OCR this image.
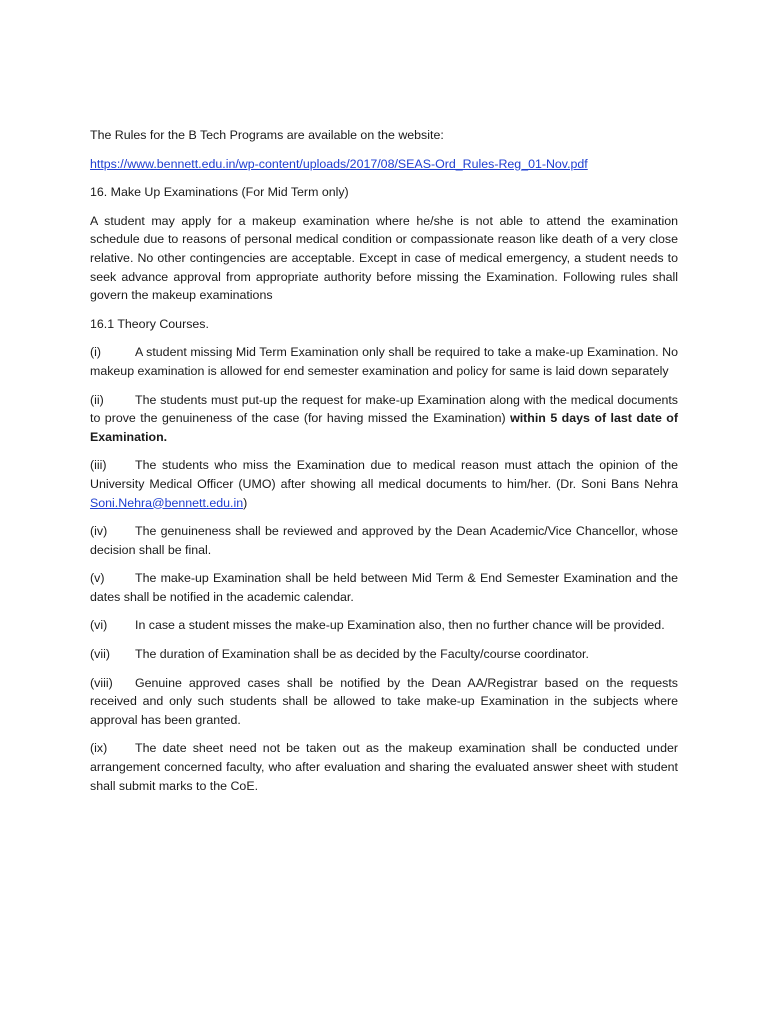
The Rules for the B Tech Programs are available on the website:

https://www.bennett.edu.in/wp-content/uploads/2017/08/SEAS-Ord_Rules-Reg_01-Nov.pdf

16. Make Up Examinations (For Mid Term only)

A student may apply for a makeup examination where he/she is not able to attend the examination schedule due to reasons of personal medical condition or compassionate reason like death of a very close relative. No other contingencies are acceptable. Except in case of medical emergency, a student needs to seek advance approval from appropriate authority before missing the Examination. Following rules shall govern the makeup examinations

16.1 Theory Courses.

(i)	A student missing Mid Term Examination only shall be required to take a make-up Examination. No makeup examination is allowed for end semester examination and policy for same is laid down separately
(ii)	The students must put-up the request for make-up Examination along with the medical documents to prove the genuineness of the case (for having missed the Examination) within 5 days of last date of Examination.
(iii) The students who miss the Examination due to medical reason must attach the opinion of the University Medical Officer (UMO) after showing all medical documents to him/her. (Dr. Soni Bans Nehra Soni.Nehra@bennett.edu.in)
(iv) The genuineness shall be reviewed and approved by the Dean Academic/Vice Chancellor, whose decision shall be final.
(v) The make-up Examination shall be held between Mid Term & End Semester Examination and the dates shall be notified in the academic calendar.
(vi) In case a student misses the make-up Examination also, then no further chance will be provided.
(vii) The duration of Examination shall be as decided by the Faculty/course coordinator.
(viii) Genuine approved cases shall be notified by the Dean AA/Registrar based on the requests received and only such students shall be allowed to take make-up Examination in the subjects where approval has been granted.
(ix) The date sheet need not be taken out as the makeup examination shall be conducted under arrangement concerned faculty, who after evaluation and sharing the evaluated answer sheet with student shall submit marks to the CoE.
